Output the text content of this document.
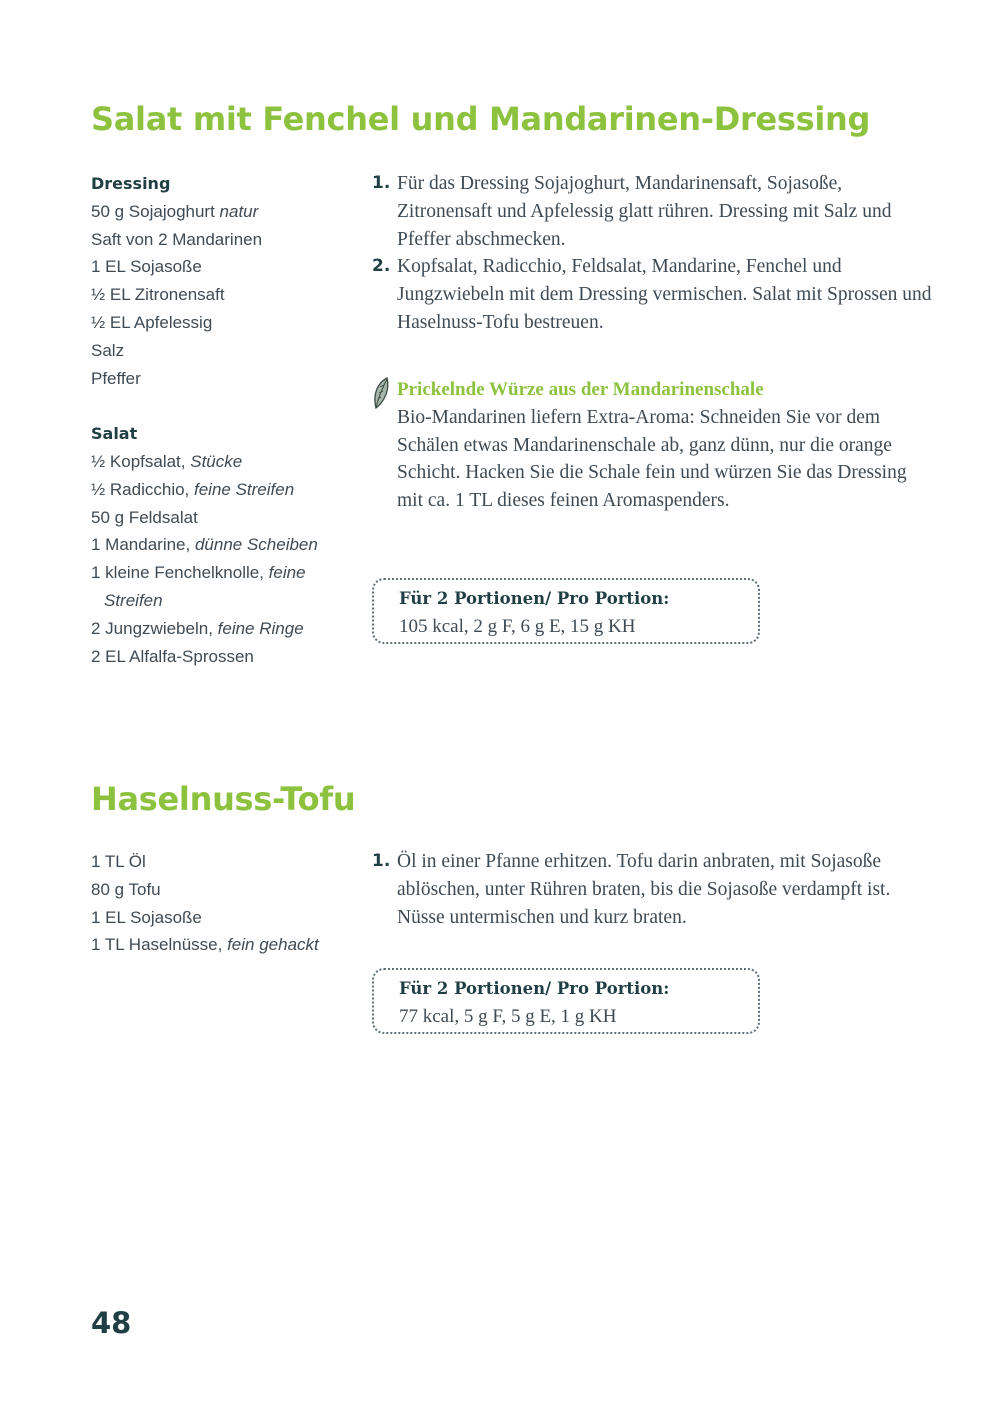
Salat mit Fenchel und Mandarinen-Dressing
Dressing
50 g Sojajoghurt natur
Saft von 2 Mandarinen
1 EL Sojasoße
½ EL Zitronensaft
½ EL Apfelessig
Salz
Pfeffer
Salat
½ Kopfsalat, Stücke
½ Radicchio, feine Streifen
50 g Feldsalat
1 Mandarine, dünne Scheiben
1 kleine Fenchelknolle, feine
Streifen
2 Jungzwiebeln, feine Ringe
2 EL Alfalfa-Sprossen
1. Für das Dressing Sojajoghurt, Mandarinensaft, Sojasoße, Zitronensaft und Apfelessig glatt rühren. Dressing mit Salz und Pfeffer abschmecken.
2. Kopfsalat, Radicchio, Feldsalat, Mandarine, Fenchel und Jungzwiebeln mit dem Dressing vermischen. Salat mit Sprossen und Haselnuss-Tofu bestreuen.
Prickelnde Würze aus der Mandarinenschale
Bio-Mandarinen liefern Extra-Aroma: Schneiden Sie vor dem Schälen etwas Mandarinenschale ab, ganz dünn, nur die orange Schicht. Hacken Sie die Schale fein und würzen Sie das Dressing mit ca. 1 TL dieses feinen Aromaspenders.
Für 2 Portionen/ Pro Portion:
105 kcal, 2 g F, 6 g E, 15 g KH
Haselnuss-Tofu
1 TL Öl
80 g Tofu
1 EL Sojasoße
1 TL Haselnüsse, fein gehackt
1. Öl in einer Pfanne erhitzen. Tofu darin anbraten, mit Sojasoße ablöschen, unter Rühren braten, bis die Sojasoße verdampft ist. Nüsse untermischen und kurz braten.
Für 2 Portionen/ Pro Portion:
77 kcal, 5 g F, 5 g E, 1 g KH
48
